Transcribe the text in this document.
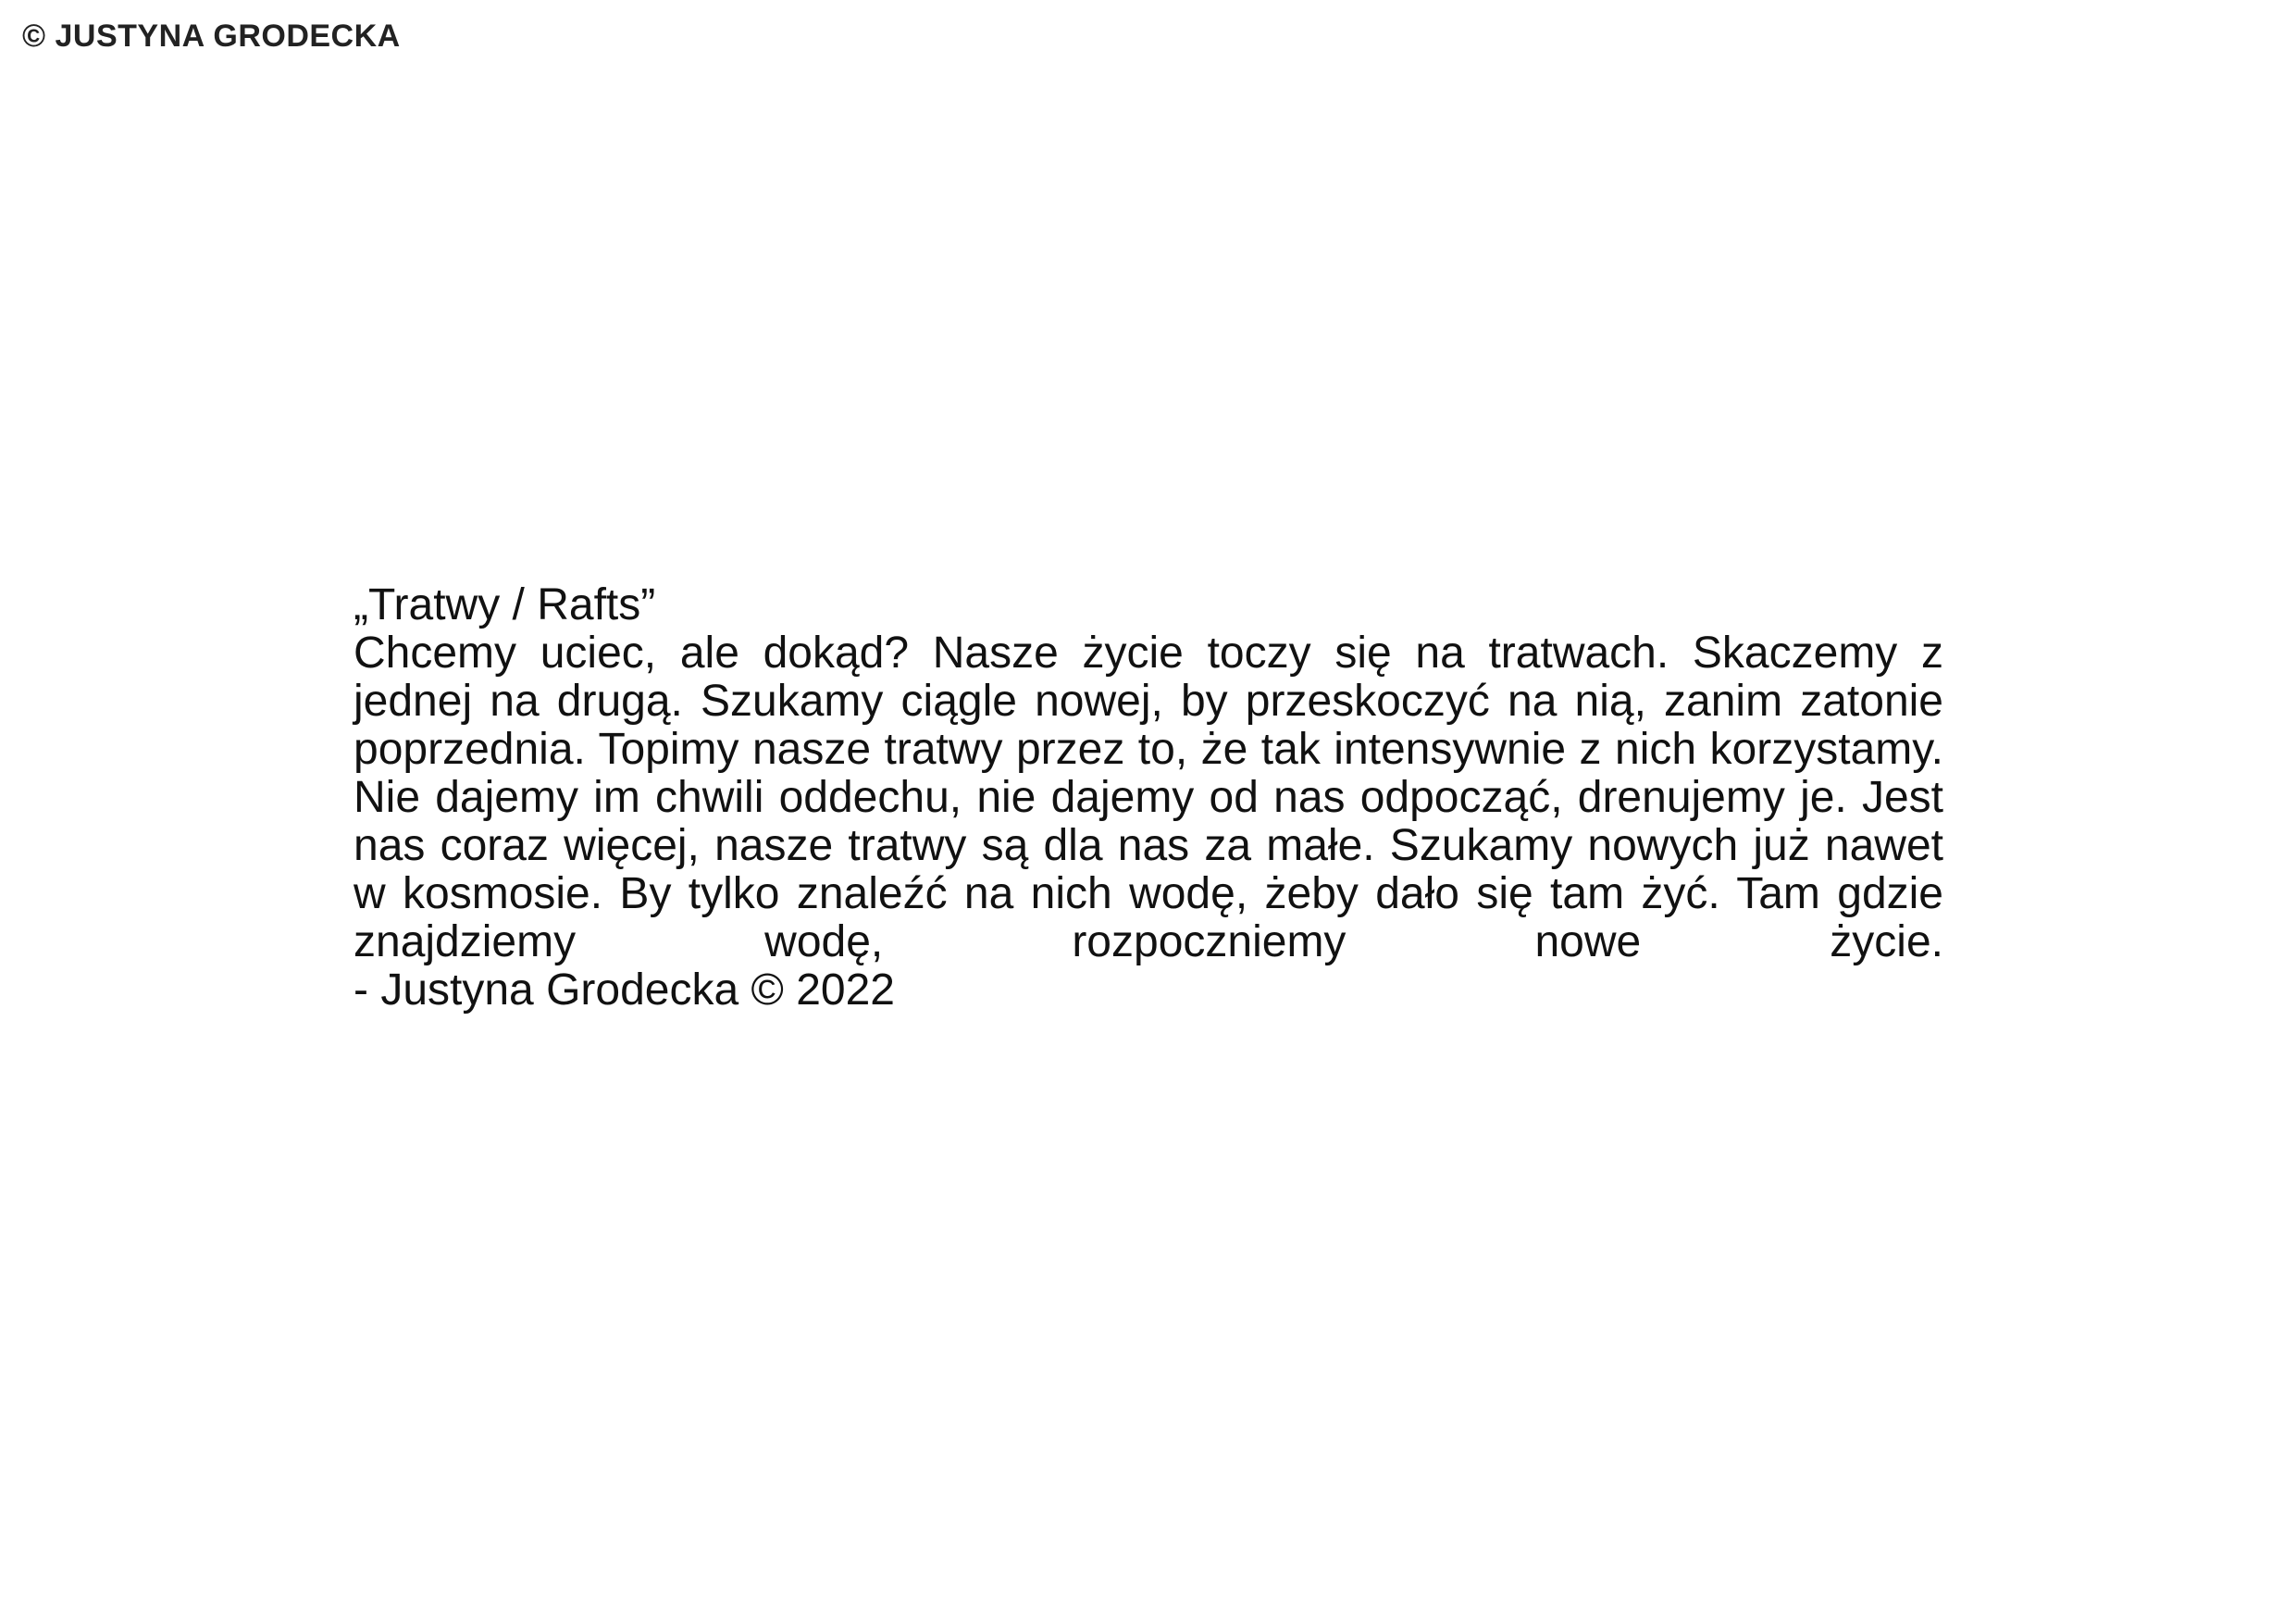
© JUSTYNA GRODECKA
„Tratwy / Rafts”
Chcemy uciec, ale dokąd? Nasze życie toczy się na tratwach. Skaczemy z jednej na drugą. Szukamy ciągle nowej, by przeskoczyć na nią, zanim zatonie poprzednia. Topimy nasze tratwy przez to, że tak intensywnie z nich korzystamy. Nie dajemy im chwili oddechu, nie dajemy od nas odpocząć, drenujemy je. Jest nas coraz więcej, nasze tratwy są dla nas za małe. Szukamy nowych już nawet w kosmosie. By tylko znaleźć na nich wodę, żeby dało się tam żyć. Tam gdzie znajdziemy wodę, rozpoczniemy nowe życie.
- Justyna Grodecka © 2022
